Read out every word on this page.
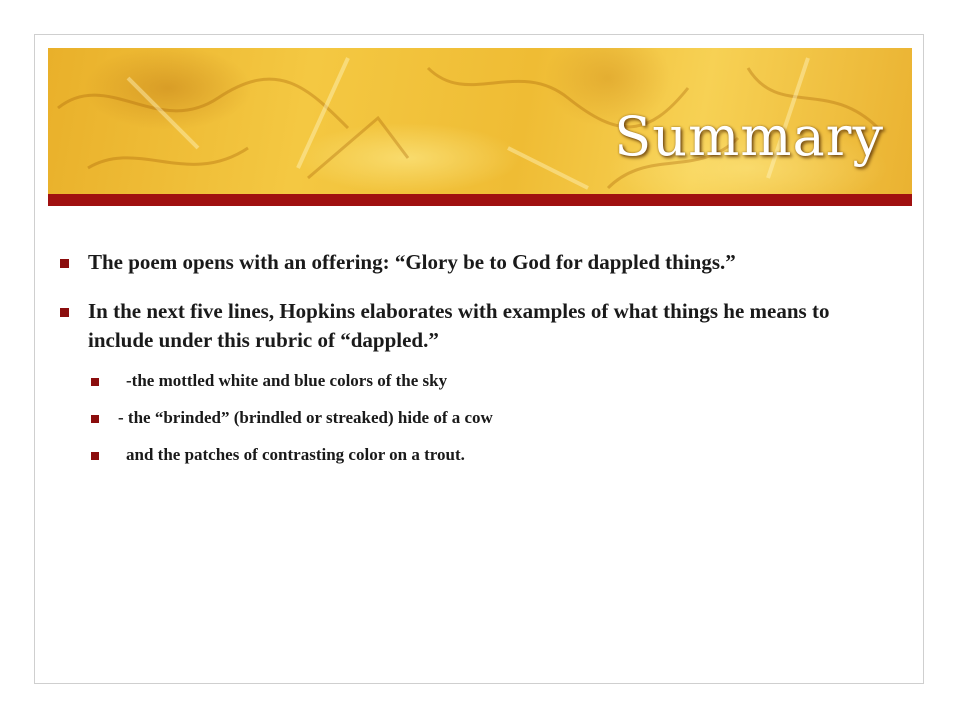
Summary
The poem opens with an offering: “Glory be to God for dappled things.”
In the next five lines, Hopkins elaborates with examples of what things he means to include under this rubric of “dappled.”
-the mottled white and blue colors of the sky
- the “brinded” (brindled or streaked) hide of a cow
and the patches of contrasting color on a trout.
